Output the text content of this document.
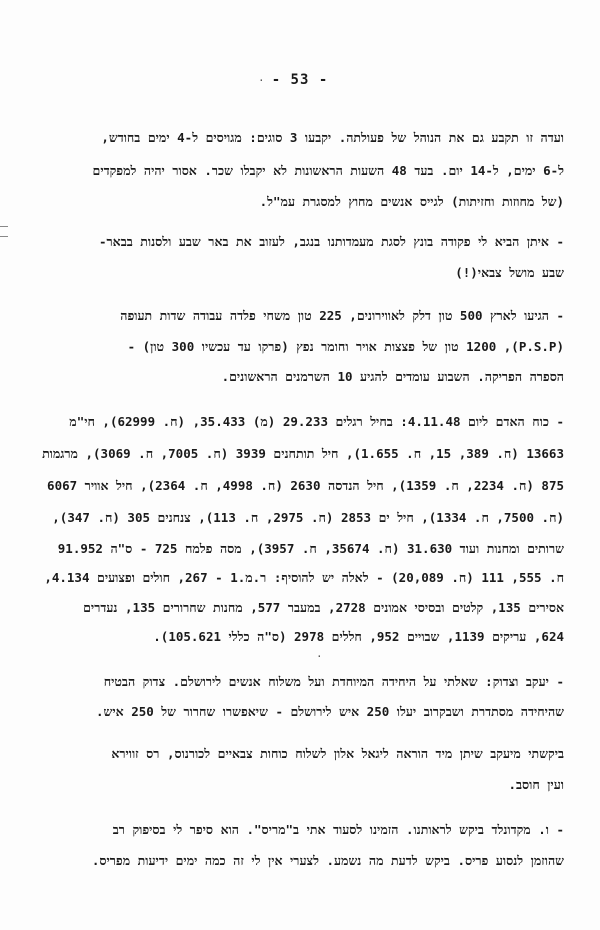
- 53 -
ועדה זו תקבע גם את הנוהל של פעולתה. יקבעו 3 סוגים: מגויסים ל-4 ימים בחודש,
ל-6 ימים, ל-14 יום. בעד 48 השעות הראשונות לא יקבלו שכר. אסור יהיה למפקדים
(של מחוזות וחזיתות) לגייס אנשים מחוץ למסגרת עמ"ל.
- איתן הביא לי פקודה בונץ לסגת מעמדותנו בנגב, לעזוב את באר שבע ולסנות בבאר-
שבע מושל צבאי(!)
- הגיעו לארץ 500 טון דלק לאווירונים, 225 טון משחי פלדה עבודה שדות תעופה
(P.S.P), 1200 טון של פצצות אויר וחומר נפץ (פרקו עד עכשיו 300 טון) -
הספרה הפריקה. השבוע עומדים להגיע 10 השרמנים הראשונים.
- כוח האדם ליום 4.11.48: בחיל רגלים 29.233 (מ) 35.433, (ח. 62999), חי"מ
13663 (ח. 389, 15, ח. 1.655), חיל תותחנים 3939 (ח. 7005, ח. 3069), מרגמות
875 (ח. 2234, ח. 1359), חיל הנדסה 2630 (ח. 4998, ח. 2364), חיל אוויר 6067
(ח. 7500, ח. 1334), חיל ים 2853 (ח. 2975, ח. 113), צנחנים 305 (ח. 347),
שרותים ומחנות ועוד 31.630 (ח. 35674, ח. 3957), מסה פלמח 725 - ס"ה 91.952
ח. 555, 111 (ח. 20,089) - לאלה יש להוסיף: ר.מ.1 - 267, חולים ופצועים 4.134,
אסירים 135, קלטים ובסיסי אמונים 2728, במעבר 577, מחנות שחרורים 135, נעדרים
624, עריקים 1139, שבויים 952, חללים 2978 (ס"ה כללי 105.621).
- יעקב וצדוק: שאלתי על היחידה המיוחדת ועל משלוח אנשים לירושלם. צדוק הבטיח
שהיחידה מסתדרת ושבקרוב יעלו 250 איש לירושלם - שיאפשרו שחרור של 250 איש.
ביקשתי מיעקב שיתן מיד הוראה ליגאל אלון לשלוח כוחות צבאיים לכורנוס, רס זווירא
ועין חוסב.
- ו. מקדונלד ביקש לראותנו. הזמינו לסעוד אתי ב"מריס". הוא סיפר לי בסיפוק רב
שהוזמן לנסוע פריס. ביקש לדעת מה נשמע. לצערי אין לי זה כמה ימים ידיעות מפריס.
·
·
